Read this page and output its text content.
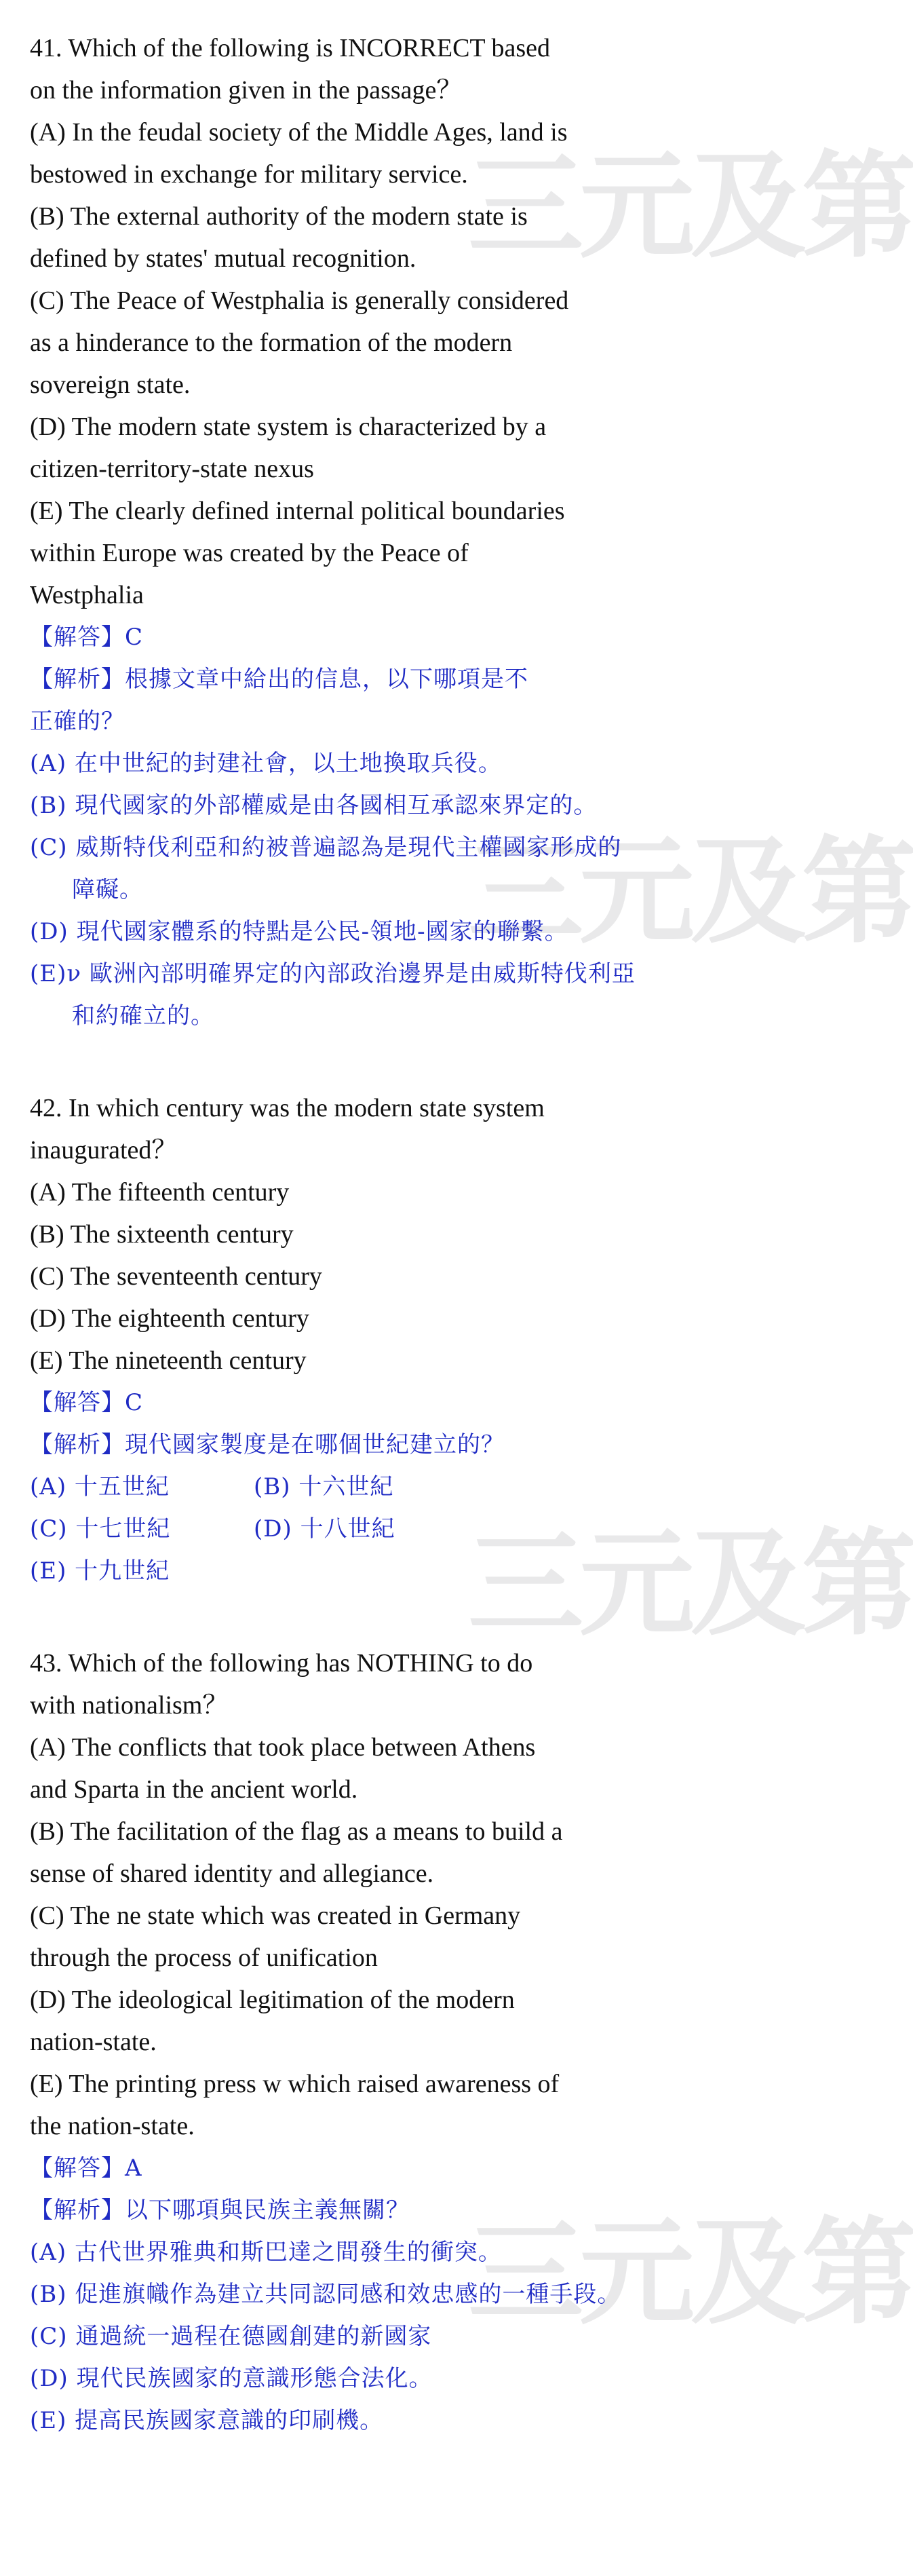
三元及第
三元及第
三元及第
三元及第

41. Which of the following is INCORRECT based

on the information given in the passage？

(A) In the feudal society of the Middle Ages, land is

bestowed in exchange for military service.

(B) The external authority of the modern state is

defined by states' mutual recognition.

(C) The Peace of Westphalia is generally considered

as a hinderance to the formation of the modern

sovereign state.

(D) The modern state system is characterized by a

citizen-territory-state nexus

(E) The clearly defined internal political boundaries

within Europe was created by the Peace of

Westphalia

【解答】C

【解析】根據文章中給出的信息，以下哪項是不

正確的？

(A) 在中世紀的封建社會，以土地換取兵役。

(B) 現代國家的外部權威是由各國相互承認來界定的。

(C) 威斯特伐利亞和約被普遍認為是現代主權國家形成的障礙。

(D) 現代國家體系的特點是公民-領地-國家的聯繫。

(E)ν 歐洲內部明確界定的內部政治邊界是由威斯特伐利亞和約確立的。

42. In which century was the modern state system

inaugurated？

(A) The fifteenth century

(B) The sixteenth century

(C) The seventeenth century

(D) The eighteenth century

(E) The nineteenth century

【解答】C

【解析】現代國家製度是在哪個世紀建立的？

(A) 十五世紀	(B) 十六世紀

(C) 十七世紀	(D) 十八世紀

(E) 十九世紀

43. Which of the following has NOTHING to do

with nationalism？

(A) The conflicts that took place between Athens

and Sparta in the ancient world.

(B) The facilitation of the flag as a means to build a

sense of shared identity and allegiance.

(C) The ne state which was created in Germany

through the process of unification

(D) The ideological legitimation of the modern

nation-state.

(E) The printing press w which raised awareness of

the nation-state.

【解答】A

【解析】以下哪項與民族主義無關？

(A) 古代世界雅典和斯巴達之間發生的衝突。

(B) 促進旗幟作為建立共同認同感和效忠感的一種手段。

(C) 通過統一過程在德國創建的新國家

(D) 現代民族國家的意識形態合法化。

(E) 提高民族國家意識的印刷機。
